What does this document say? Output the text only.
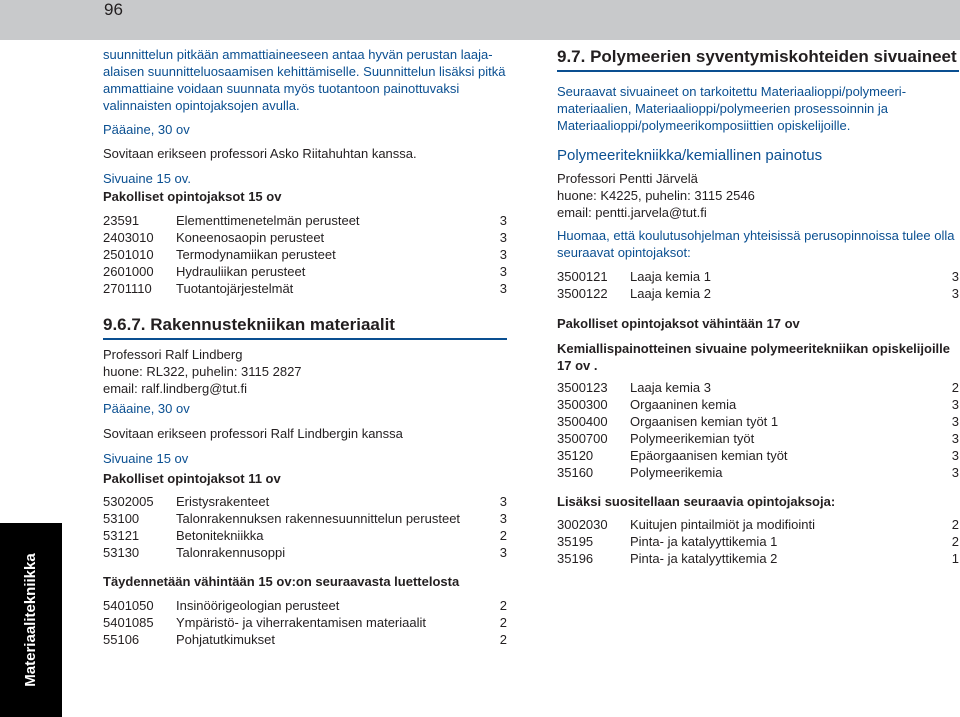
96
Materiaalitekniikka

suunnittelun pitkään ammattiaineeseen antaa hyvän perustan laaja-alaisen suunnitteluosaamisen kehittämiselle. Suunnittelun lisäksi pitkä ammattiaine voidaan suunnata myös tuotantoon painottuvaksi valinnaisten opintojaksojen avulla.

Pääaine, 30 ov

Sovitaan erikseen professori Asko Riitahuhtan kanssa.

Sivuaine 15 ov.

Pakolliset opintojaksot 15 ov

23591	Elementtimenetelmän perusteet	3
2403010	Koneenosaopin perusteet	3
2501010	Termodynamiikan perusteet	3
2601000	Hydrauliikan perusteet	3
2701110	Tuotantojärjestelmät	3

9.6.7. Rakennustekniikan materiaalit

Professori Ralf Lindberg

huone: RL322, puhelin: 3115 2827

email: ralf.lindberg@tut.fi

Pääaine, 30 ov

Sovitaan erikseen professori Ralf Lindbergin kanssa

Sivuaine 15 ov

Pakolliset opintojaksot 11 ov

5302005	Eristysrakenteet	3
53100	Talonrakennuksen rakennesuunnittelun perusteet	3
53121	Betonitekniikka	2
53130	Talonrakennusoppi	3

Täydennetään vähintään 15 ov:on seuraavasta luettelosta

5401050	Insinöörigeologian perusteet	2
5401085	Ympäristö- ja viherrakentamisen materiaalit	2
55106	Pohjatutkimukset	2

9.7. Polymeerien syventymiskohteiden sivuaineet

Seuraavat sivuaineet on tarkoitettu Materiaalioppi/polymeeri-materiaalien, Materiaalioppi/polymeerien prosessoinnin ja Materiaalioppi/polymeerikomposiittien opiskelijoille.

Polymeeritekniikka/kemiallinen painotus

Professori Pentti Järvelä

huone: K4225, puhelin: 3115 2546

email: pentti.jarvela@tut.fi

Huomaa, että koulutusohjelman yhteisissä perusopinnoissa tulee olla seuraavat opintojaksot:

3500121	Laaja kemia 1	3
3500122	Laaja kemia 2	3

Pakolliset opintojaksot vähintään 17 ov

Kemiallispainotteinen sivuaine polymeeritekniikan opiskelijoille 17 ov .

3500123	Laaja kemia 3	2
3500300	Orgaaninen kemia	3
3500400	Orgaanisen kemian työt 1	3
3500700	Polymeerikemian työt	3
35120	Epäorgaanisen kemian työt	3
35160	Polymeerikemia	3

Lisäksi suositellaan seuraavia opintojaksoja:

3002030	Kuitujen pintailmiöt ja modifiointi	2
35195	Pinta- ja katalyyttikemia 1	2
35196	Pinta- ja katalyyttikemia 2	1
